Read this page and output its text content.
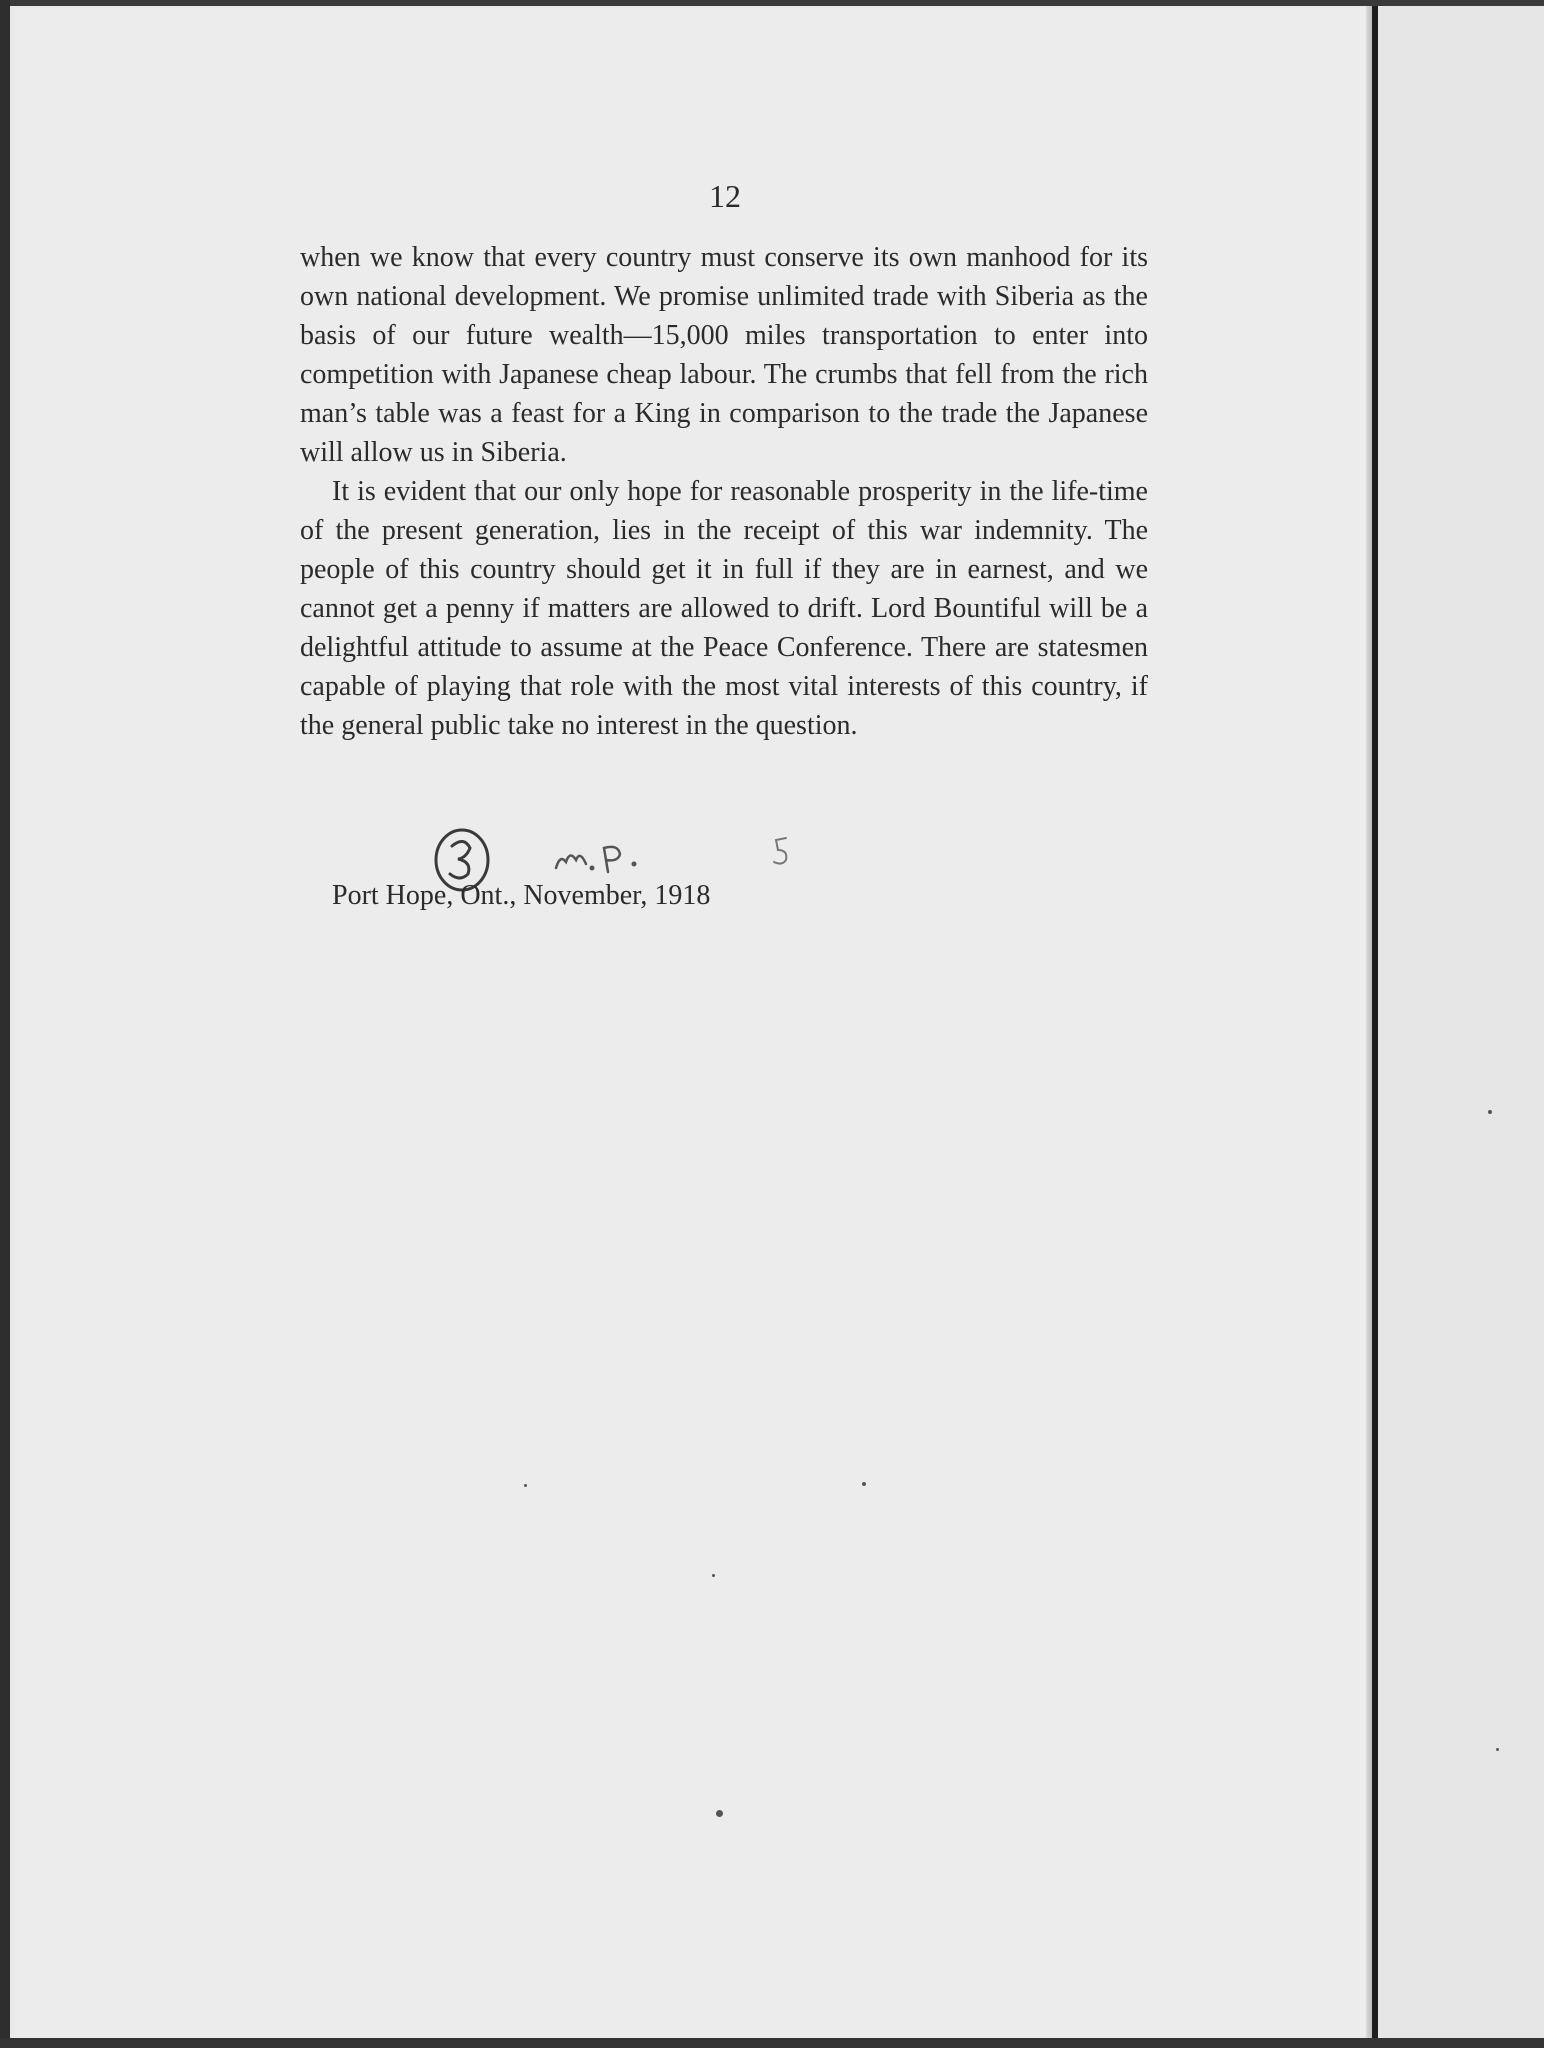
12

when we know that every country must conserve its own manhood for its own national development. We promise unlimited trade with Siberia as the basis of our future wealth—15,000 miles transportation to enter into competition with Japanese cheap labour. The crumbs that fell from the rich man’s table was a feast for a King in comparison to the trade the Japanese will allow us in Siberia.

It is evident that our only hope for reasonable prosperity in the life-time of the present generation, lies in the receipt of this war indemnity. The people of this country should get it in full if they are in earnest, and we cannot get a penny if matters are allowed to drift. Lord Bountiful will be a delightful attitude to assume at the Peace Conference. There are statesmen capable of playing that role with the most vital interests of this country, if the general public take no interest in the question.

Port Hope, Ont., November, 1918
